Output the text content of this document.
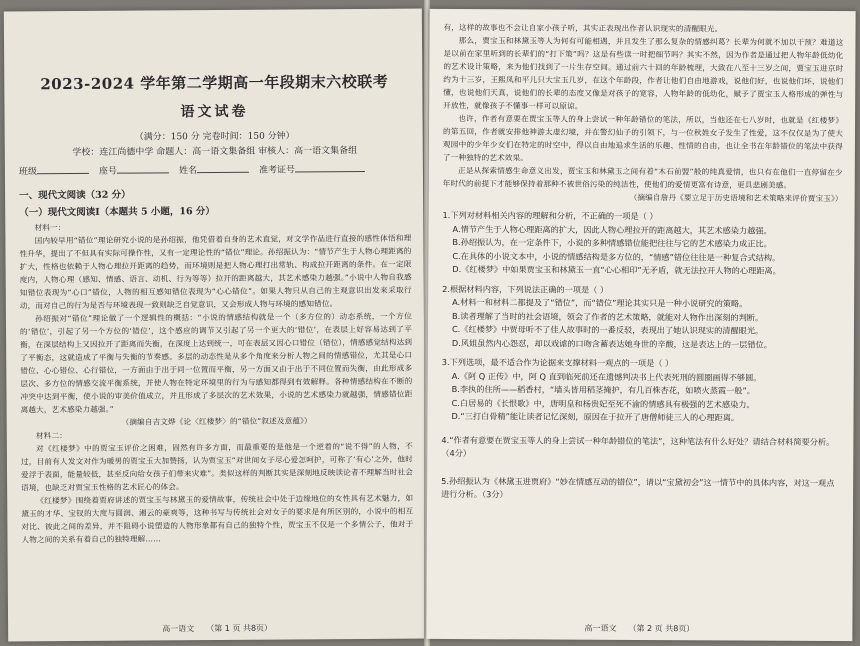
2023-2024 学年第二学期高一年段期末六校联考
语文试卷
（满分：150 分 完卷时间：150 分钟）
学校：连江尚德中学 命题人：高一语文集备组 审核人：高一语文集备组
班级	座号	姓名	准考证号
一、现代文阅读（32 分）
（一）现代文阅读Ⅰ（本题共 5 小题，16 分）

材料一：

国内较早用“错位”理论研究小说的是孙绍振，他凭借着自身的艺术直觉，对文学作品进行直接的感性体悟和理性升华，提出了不但具有实际可操作性，又有一定理论性的“错位”理论。孙绍振认为：“情节产生于人物心理距离的扩大，性格也依赖于人物心理拉开距离的趋势，而环境则是把人物心理打出常轨、构成拉开距离的条件。在一定限度内，人物心理（感知、情感、语言、动机、行为等等）拉开的距离越大，其艺术感染力越强。”小说中人物自我感知错位表现为“心口”错位，人物的相互感知错位表现为“心心错位”。如果人物只从自己的主观意识出发来采取行动，而对自己的行为是否与环境表现一致则缺乏自觉意识，又会形成人物与环境的感知错位。

孙绍振对“错位”理论做了一个逻辑性的概括：“小说的情感结构就是一个（多方位的）动态系统，一个方位的‘错位’，引起了另一个方位的‘错位’，这个感应的调节又引起了另一个更大的‘错位’，在表层上好容易达到了平衡，在深层结构上又因拉开了距离而失衡，在深度上达到统一，可在表层又因心口错位（错位），情感感觉结构达到了平衡态，这就造成了平衡与失衡的节奏感。多层的动态性是从多个角度来分析人物之间的情感错位，尤其是心口错位、心心错位、心行错位，一方面由于出于同一位置而平衡，另一方面又由于出于不同位置而失衡，由此形成多层次、多方位的情感交流平衡系统，并使人物在特定环境里的行为与感知都得到有效解释。各种情感结构在不断的冲突中达到平衡，使小说的审美价值成立，并且形成了多层次的艺术效果，小说的艺术感染力就越强，情感错位距离越大，艺术感染力越强。”

（摘编自吉文烨《论〈红楼梦〉的“错位”叙述及意蕴》）

材料二：

对《红楼梦》中的贾宝玉评价之困难，固然有许多方面，而最重要的是他是一个逆着的“说不得”的人物，不过，目前有人发文对作为暖男的贾宝玉大加赞扬，认为贾宝玉“对世间女子尽心爱怎呵护，可称了‘有心’之外，他时爱浮于表面，能量较低，甚至反向给女孩子们带来灾难”。类似这样的判断其实是深刻地反映读论者不理解当时社会语境，也缺乏对贾宝玉性格的艺术匠心的体会。

《红楼梦》围绕着贾府讲述的贾宝玉与林黛玉的爱情故事，传统社会中处于边缘地位的女性具有艺术魅力，如黛玉的才华、宝钗的大度与圆润、湘云的豪爽等，这种书写与传统社会对女子的要求是有所区别的，小说中的相互对比、彼此之间的差异，并不阻碍小说塑造的人物形象都有自己的独特个性，贾宝玉不仅是一个多情公子，他对于人物之间的关系有着自己的独特理解……

高一语文 （第 1 页 共8页）

有，这样的故事也不会让自家小孩子听，其实正表现出作者认识现实的清醒眼光。

那么，贾宝玉和林黛玉等人为何有可能相遇，并且发生了那么复杂的情感纠葛？长辈为何就不加以干预？难道这是以前在家里听到的长辈们的“打下策”吗？这是有些读一时把细节吗？其实不然，因为作者是通过把人物年龄低幼化的艺术设计策略，来为他们找到了一片生存空间。通过前六十回的年龄梳理，大致在八至十三岁之间，贾宝玉进京时约为十三岁，王熙凤和平儿只大宝玉几岁，在这个年龄段，作者让他们自由地游戏，说他们好，也说他们坏，说他们懂，也说他们天真，说他们的长辈的态度又像是对孩子的宽容，人物年龄的低幼化，赋予了贾宝玉人格形成的弹性与开放性，就像孩子不懂事一样可以原谅。

也许，作者有意要在贾宝玉等人的身上尝试一种年龄错位的笔法，所以，当他还在七八岁时，也就是《红楼梦》的第五回，作者就安排他神游太虚幻境，并在警幻仙子的引领下，与一位秋姓女子发生了性爱，这不仅仅是为了使大观园中的少年少女们在特定的时空中，得以自由地追求生活的乐趣、性情的自由，也让全书在年龄错位的笔法中获得了一种独特的艺术效果。

正是从探索情感生命意义出发，贾宝玉和林黛玉之间有着“木石前盟”般的纯真爱情，也只有在他们一直停留在少年时代的前提下才能够保持着那种不被世俗污染的纯洁性，使他们的爱情更富有诗意，更具悲剧美感。

（摘编自詹丹《要立足于历史语境和艺术策略来评价贾宝玉》）

1.下列对材料相关内容的理解和分析，不正确的一项是（ ）
A.情节产生于人物心理距离的扩大，因此人物心理拉开的距离越大，其艺术感染力越强。
B.孙绍振认为，在一定条件下，小说的多种情感错位能把往往与它的艺术感染力成正比。
C.在具体的小说文本中，小说的情感结构是多方位的，“情感”错位往往是一种复合式结构。
D.《红楼梦》中如果贾宝玉和林黛玉一直“心心相印”无矛盾，就无法拉开人物的心理距离。
2.根据材料内容，下列说法正确的一项是（ ）
A.材料一和材料二都提及了“错位”，而“错位”理论其实只是一种小说研究的策略。
B.读者理解了当时的社会语境，领会了作者的艺术策略，就能对人物作出深刻的判断。
C.《红楼梦》中贾母听不了佳人故事时的一番反驳，表现出了她认识现实的清醒眼光。
D.风姐虽然内心怨怼，却以戏谑的口吻含蓄表达她身世的辛酸，这是表达上的一层错位。
3.下列选项，最不适合作为论据来支撑材料一观点的一项是（ ）
A.《阿 Q 正传》中，阿 Q 直到临死前还在遗憾判决书上代表死刑的圆圈画得不够圆。
B.李执的住所——稻香村，“墙头皆用稻茎掩护，有几百株杏花，如喷火蒸霞一般”。
C.白居易的《长恨歌》中，唐明皇和杨贵妃至死不渝的情感具有极强的艺术感染力。
D.“三打白骨精”能让读者记忆深刻，原因在于拉开了唐僧师徒三人的心理距离。
4.“作者有意要在贾宝玉等人的身上尝试一种年龄错位的笔法”，这种笔法有什么好处？请结合材料简要分析。（4分）
5.孙绍振认为《林黛玉进贾府》“妙在情感互动的错位”，请以“宝黛初会”这一情节中的具体内容，对这一观点进行分析。（3分）
高一语文 （第 2 页 共8页）
